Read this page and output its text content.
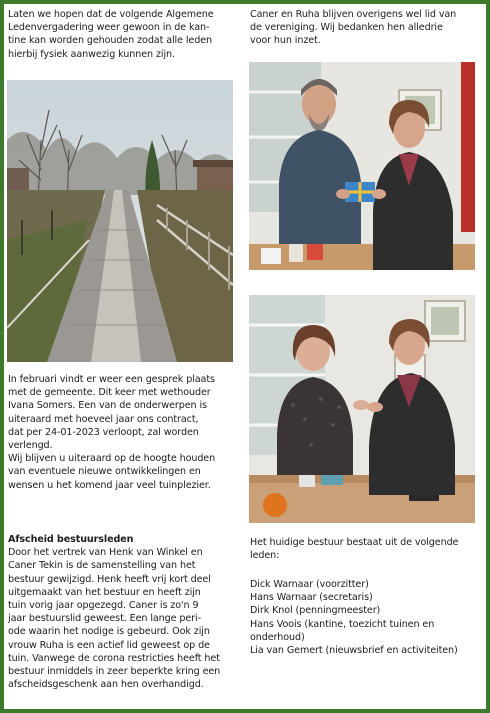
Laten we hopen dat de volgende Algemene
Ledenvergadering weer gewoon in de kan-
tine kan worden gehouden zodat alle leden
hierbij fysiek aanwezig kunnen zijn.

In februari vindt er weer een gesprek plaats
met de gemeente. Dit keer met wethouder
Ivana Somers. Een van de onderwerpen is
uiteraard met hoeveel jaar ons contract,
dat per 24-01-2023 verloopt, zal worden
verlengd.
Wij blijven u uiteraard op de hoogte houden
van eventuele nieuwe ontwikkelingen en
wensen u het komend jaar veel tuinplezier.

Afscheid bestuursleden
Door het vertrek van Henk van Winkel en
Caner Tekin is de samenstelling van het
bestuur gewijzigd. Henk heeft vrij kort deel
uitgemaakt van het bestuur en heeft zijn
tuin vorig jaar opgezegd. Caner is zo'n 9
jaar bestuurslid geweest. Een lange peri-
ode waarin het nodige is gebeurd. Ook zijn
vrouw Ruha is een actief lid geweest op de
tuin. Vanwege de corona restricties heeft het
bestuur inmiddels in zeer beperkte kring een
afscheidsgeschenk aan hen overhandigd.

Caner en Ruha blijven overigens wel lid van
de vereniging. Wij bedanken hen alledrie
voor hun inzet.

Het huidige bestuur bestaat uit de volgende
leden:

Dick Warnaar (voorzitter)
Hans Warnaar (secretaris)
Dirk Knol (penningmeester)
Hans Voois (kantine, toezicht tuinen en
onderhoud)
Lia van Gemert (nieuwsbrief en activiteiten)
